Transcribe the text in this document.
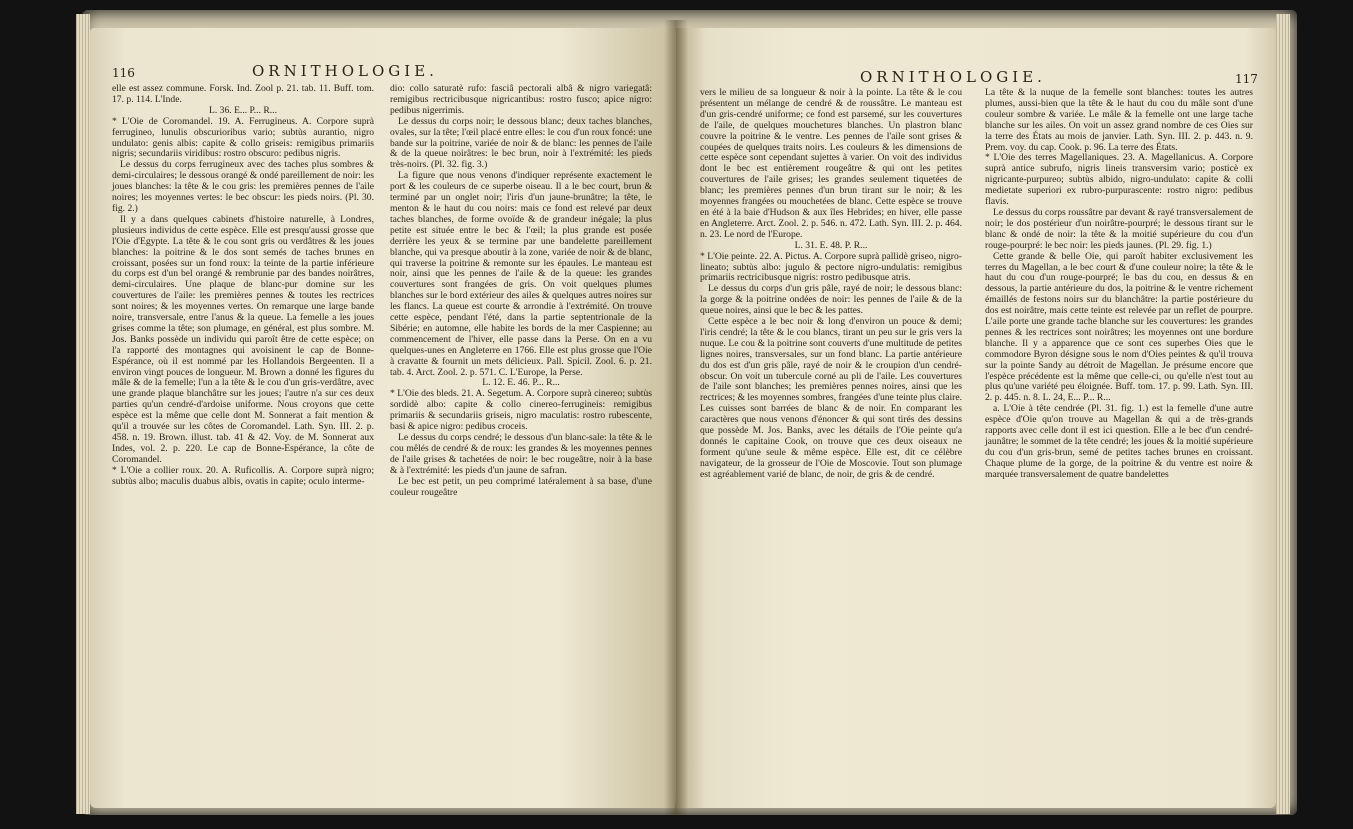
116	ORNITHOLOGIE.	ORNITHOLOGIE.	117

elle est assez commune. Forsk. Ind. Zool p. 21. tab. 11. Buff. tom. 17. p. 114. L'Inde.

L. 36. E... P... R...

* L'Oie de Coromandel. 19. A. Ferrugineus. A. Corpore suprà ferrugineo, lunulis obscurioribus vario; subtùs aurantio, nigro undulato: genis albis: capite & collo griseis: remigibus primariis nigris; secundariis viridibus: rostro obscuro: pedibus nigris.

Le dessus du corps ferrugineux avec des taches plus sombres & demi-circulaires; le dessous orangé & ondé pareillement de noir: les joues blanches: la tête & le cou gris: les premières pennes de l'aile noires; les moyennes vertes: le bec obscur: les pieds noirs. (Pl. 30. fig. 2.)

Il y a dans quelques cabinets d'histoire naturelle, à Londres, plusieurs individus de cette espèce. Elle est presqu'aussi grosse que l'Oie d'Egypte. La tête & le cou sont gris ou verdâtres & les joues blanches: la poitrine & le dos sont semés de taches brunes en croissant, posées sur un fond roux: la teinte de la partie inférieure du corps est d'un bel orangé & rembrunie par des bandes noirâtres, demi-circulaires. Une plaque de blanc-pur domine sur les couvertures de l'aile: les premières pennes & toutes les rectrices sont noires; & les moyennes vertes. On remarque une large bande noire, transversale, entre l'anus & la queue. La femelle a les joues grises comme la tête; son plumage, en général, est plus sombre. M. Jos. Banks possède un individu qui paroît être de cette espèce; on l'a rapporté des montagnes qui avoisinent le cap de Bonne-Espérance, où il est nommé par les Hollandois Bergeenten. Il a environ vingt pouces de longueur. M. Brown a donné les figures du mâle & de la femelle; l'un a la tête & le cou d'un gris-verdâtre, avec une grande plaque blanchâtre sur les joues; l'autre n'a sur ces deux parties qu'un cendré-d'ardoise uniforme. Nous croyons que cette espèce est la même que celle dont M. Sonnerat a fait mention & qu'il a trouvée sur les côtes de Coromandel. Lath. Syn. III. 2. p. 458. n. 19. Brown. illust. tab. 41 & 42. Voy. de M. Sonnerat aux Indes, vol. 2. p. 220. Le cap de Bonne-Espérance, la côte de Coromandel.

* L'Oie a collier roux. 20. A. Ruficollis. A. Corpore suprà nigro; subtùs albo; maculis duabus albis, ovatis in capite; oculo interme-

dio: collo saturatè rufo: fasciâ pectorali albâ & nigro variegatâ: remigibus rectricibusque nigricantibus: rostro fusco; apice nigro: pedibus nigerrimis.

Le dessus du corps noir; le dessous blanc; deux taches blanches, ovales, sur la tête; l'œil placé entre elles: le cou d'un roux foncé: une bande sur la poitrine, variée de noir & de blanc: les pennes de l'aile & de la queue noirâtres: le bec brun, noir à l'extrémité: les pieds très-noirs. (Pl. 32. fig. 3.)

La figure que nous venons d'indiquer représente exactement le port & les couleurs de ce superbe oiseau. Il a le bec court, brun & terminé par un onglet noir; l'iris d'un jaune-brunâtre; la tête, le menton & le haut du cou noirs: mais ce fond est relevé par deux taches blanches, de forme ovoïde & de grandeur inégale; la plus petite est située entre le bec & l'œil; la plus grande est posée derrière les yeux & se termine par une bandelette pareillement blanche, qui va presque aboutir à la zone, variée de noir & de blanc, qui traverse la poitrine & remonte sur les épaules. Le manteau est noir, ainsi que les pennes de l'aile & de la queue: les grandes couvertures sont frangées de gris. On voit quelques plumes blanches sur le bord extérieur des ailes & quelques autres noires sur les flancs. La queue est courte & arrondie à l'extrémité. On trouve cette espèce, pendant l'été, dans la partie septentrionale de la Sibérie; en automne, elle habite les bords de la mer Caspienne; au commencement de l'hiver, elle passe dans la Perse. On en a vu quelques-unes en Angleterre en 1766. Elle est plus grosse que l'Oie à cravatte & fournit un mets délicieux. Pall. Spicil. Zool. 6. p. 21. tab. 4. Arct. Zool. 2. p. 571. C. L'Europe, la Perse.

L. 12. E. 46. P... R...

* L'Oie des bleds. 21. A. Segetum. A. Corpore suprà cinereo; subtùs sordidè albo: capite & collo cinereo-ferrugineis: remigibus primariis & secundariis griseis, nigro maculatis: rostro rubescente, basi & apice nigro: pedibus croceis.

Le dessus du corps cendré; le dessous d'un blanc-sale: la tête & le cou mêlés de cendré & de roux: les grandes & les moyennes pennes de l'aile grises & tachetées de noir: le bec rougeâtre, noir à la base & à l'extrémité: les pieds d'un jaune de safran.

Le bec est petit, un peu comprimé latéralement à sa base, d'une couleur rougeâtre

vers le milieu de sa longueur & noir à la pointe. La tête & le cou présentent un mélange de cendré & de roussâtre. Le manteau est d'un gris-cendré uniforme; ce fond est parsemé, sur les couvertures de l'aile, de quelques mouchetures blanches. Un plastron blanc couvre la poitrine & le ventre. Les pennes de l'aile sont grises & coupées de quelques traits noirs. Les couleurs & les dimensions de cette espèce sont cependant sujettes à varier. On voit des individus dont le bec est entièrement rougeâtre & qui ont les petites couvertures de l'aile grises; les grandes seulement tiquetées de blanc; les premières pennes d'un brun tirant sur le noir; & les moyennes frangées ou mouchetées de blanc. Cette espèce se trouve en été à la baie d'Hudson & aux îles Hebrides; en hiver, elle passe en Angleterre. Arct. Zool. 2. p. 546. n. 472. Lath. Syn. III. 2. p. 464. n. 23. Le nord de l'Europe.

L. 31. E. 48. P. R...

* L'Oie peinte. 22. A. Pictus. A. Corpore suprà pallidè griseo, nigro-lineato; subtùs albo: jugulo & pectore nigro-undulatis: remigibus primariis rectricibusque nigris: rostro pedibusque atris.

Le dessus du corps d'un gris pâle, rayé de noir; le dessous blanc: la gorge & la poitrine ondées de noir: les pennes de l'aile & de la queue noires, ainsi que le bec & les pattes.

Cette espèce a le bec noir & long d'environ un pouce & demi; l'iris cendré; la tête & le cou blancs, tirant un peu sur le gris vers la nuque. Le cou & la poitrine sont couverts d'une multitude de petites lignes noires, transversales, sur un fond blanc. La partie antérieure du dos est d'un gris pâle, rayé de noir & le croupion d'un cendré-obscur. On voit un tubercule corné au pli de l'aile. Les couvertures de l'aile sont blanches; les premières pennes noires, ainsi que les rectrices; & les moyennes sombres, frangées d'une teinte plus claire. Les cuisses sont barrées de blanc & de noir. En comparant les caractères que nous venons d'énoncer & qui sont tirés des dessins que possède M. Jos. Banks, avec les détails de l'Oie peinte qu'a donnés le capitaine Cook, on trouve que ces deux oiseaux ne forment qu'une seule & même espèce. Elle est, dit ce célèbre navigateur, de la grosseur de l'Oie de Moscovie. Tout son plumage est agréablement varié de blanc, de noir, de gris & de cendré.

La tête & la nuque de la femelle sont blanches: toutes les autres plumes, aussi-bien que la tête & le haut du cou du mâle sont d'une couleur sombre & variée. Le mâle & la femelle ont une large tache blanche sur les ailes. On voit un assez grand nombre de ces Oies sur la terre des États au mois de janvier. Lath. Syn. III. 2. p. 443. n. 9. Prem. voy. du cap. Cook. p. 96. La terre des États.

* L'Oie des terres Magellaniques. 23. A. Magellanicus. A. Corpore suprà antice subrufo, nigris lineis transversim vario; posticè ex nigricante-purpureo; subtùs albido, nigro-undulato: capite & colli medietate superiori ex rubro-purpurascente: rostro nigro: pedibus flavis.

Le dessus du corps roussâtre par devant & rayé transversalement de noir; le dos postérieur d'un noirâtre-pourpré; le dessous tirant sur le blanc & ondé de noir: la tête & la moitié supérieure du cou d'un rouge-pourpré: le bec noir: les pieds jaunes. (Pl. 29. fig. 1.)

Cette grande & belle Oie, qui paroît habiter exclusivement les terres du Magellan, a le bec court & d'une couleur noire; la tête & le haut du cou d'un rouge-pourpré; le bas du cou, en dessus & en dessous, la partie antérieure du dos, la poitrine & le ventre richement émaillés de festons noirs sur du blanchâtre: la partie postérieure du dos est noirâtre, mais cette teinte est relevée par un reflet de pourpre. L'aile porte une grande tache blanche sur les couvertures: les grandes pennes & les rectrices sont noirâtres; les moyennes ont une bordure blanche. Il y a apparence que ce sont ces superbes Oies que le commodore Byron désigne sous le nom d'Oies peintes & qu'il trouva sur la pointe Sandy au détroit de Magellan. Je présume encore que l'espèce précédente est la même que celle-ci, ou qu'elle n'est tout au plus qu'une variété peu éloignée. Buff. tom. 17. p. 99. Lath. Syn. III. 2. p. 445. n. 8. L. 24, E... P... R...

a. L'Oie à tête cendrée (Pl. 31. fig. 1.) est la femelle d'une autre espèce d'Oie qu'on trouve au Magellan & qui a de très-grands rapports avec celle dont il est ici question. Elle a le bec d'un cendré-jaunâtre; le sommet de la tête cendré; les joues & la moitié supérieure du cou d'un gris-brun, semé de petites taches brunes en croissant. Chaque plume de la gorge, de la poitrine & du ventre est noire & marquée transversalement de quatre bandelettes
